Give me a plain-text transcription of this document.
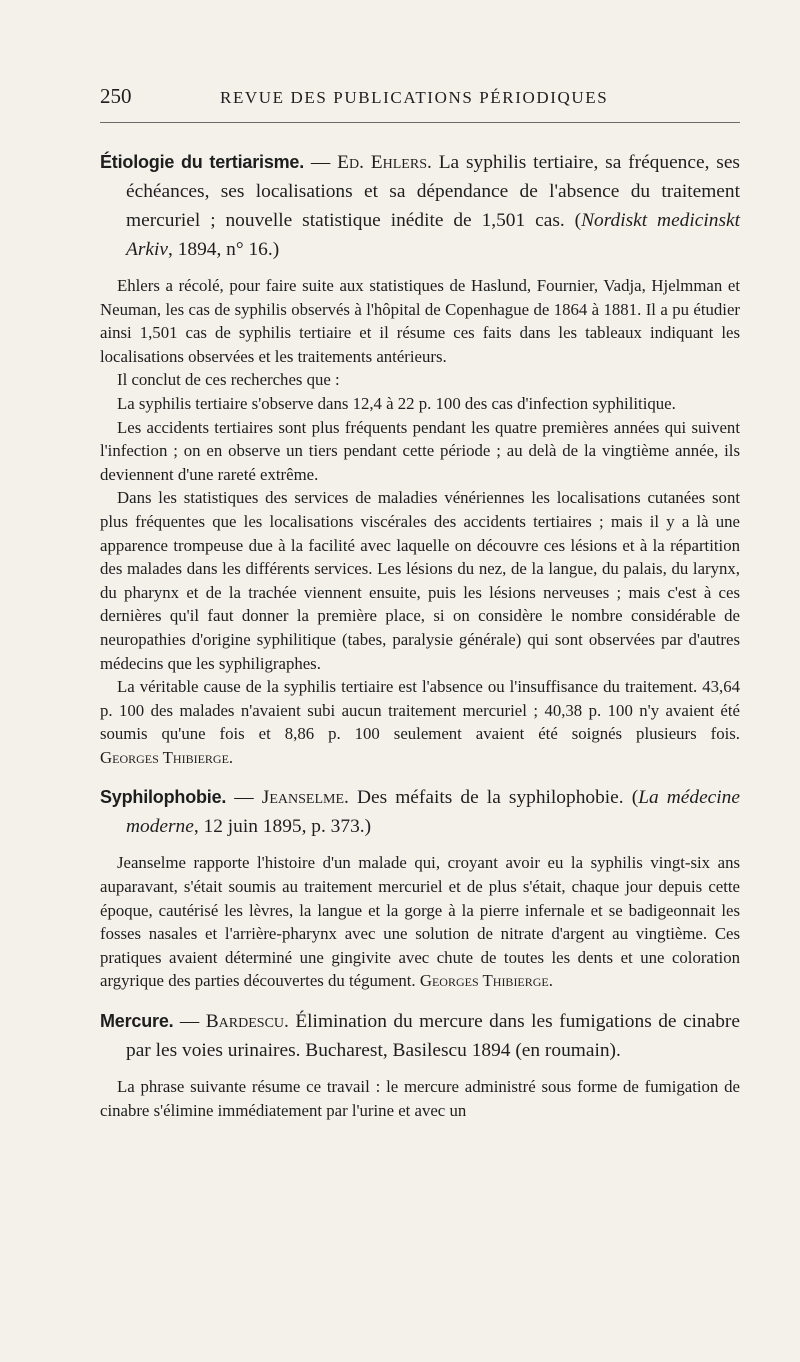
250	REVUE DES PUBLICATIONS PÉRIODIQUES

Étiologie du tertiarisme. — Ed. Ehlers. La syphilis tertiaire, sa fréquence, ses échéances, ses localisations et sa dépendance de l'absence du traitement mercuriel ; nouvelle statistique inédite de 1,501 cas. (Nordiskt medicinskt Arkiv, 1894, n° 16.)

Ehlers a récolé, pour faire suite aux statistiques de Haslund, Fournier, Vadja, Hjelmman et Neuman, les cas de syphilis observés à l'hôpital de Copenhague de 1864 à 1881. Il a pu étudier ainsi 1,501 cas de syphilis tertiaire et il résume ces faits dans les tableaux indiquant les localisations observées et les traitements antérieurs.

Il conclut de ces recherches que :

La syphilis tertiaire s'observe dans 12,4 à 22 p. 100 des cas d'infection syphilitique.

Les accidents tertiaires sont plus fréquents pendant les quatre premières années qui suivent l'infection ; on en observe un tiers pendant cette période ; au delà de la vingtième année, ils deviennent d'une rareté extrême.

Dans les statistiques des services de maladies vénériennes les localisations cutanées sont plus fréquentes que les localisations viscérales des accidents tertiaires ; mais il y a là une apparence trompeuse due à la facilité avec laquelle on découvre ces lésions et à la répartition des malades dans les différents services. Les lésions du nez, de la langue, du palais, du larynx, du pharynx et de la trachée viennent ensuite, puis les lésions nerveuses ; mais c'est à ces dernières qu'il faut donner la première place, si on considère le nombre considérable de neuropathies d'origine syphilitique (tabes, paralysie générale) qui sont observées par d'autres médecins que les syphiligraphes.

La véritable cause de la syphilis tertiaire est l'absence ou l'insuffisance du traitement. 43,64 p. 100 des malades n'avaient subi aucun traitement mercuriel ; 40,38 p. 100 n'y avaient été soumis qu'une fois et 8,86 p. 100 seulement avaient été soignés plusieurs fois. Georges Thibierge.

Syphilophobie. — Jeanselme. Des méfaits de la syphilophobie. (La médecine moderne, 12 juin 1895, p. 373.)

Jeanselme rapporte l'histoire d'un malade qui, croyant avoir eu la syphilis vingt-six ans auparavant, s'était soumis au traitement mercuriel et de plus s'était, chaque jour depuis cette époque, cautérisé les lèvres, la langue et la gorge à la pierre infernale et se badigeonnait les fosses nasales et l'arrière-pharynx avec une solution de nitrate d'argent au vingtième. Ces pratiques avaient déterminé une gingivite avec chute de toutes les dents et une coloration argyrique des parties découvertes du tégument. Georges Thibierge.

Mercure. — Bardescu. Élimination du mercure dans les fumigations de cinabre par les voies urinaires. Bucharest, Basilescu 1894 (en roumain).

La phrase suivante résume ce travail : le mercure administré sous forme de fumigation de cinabre s'élimine immédiatement par l'urine et avec un
